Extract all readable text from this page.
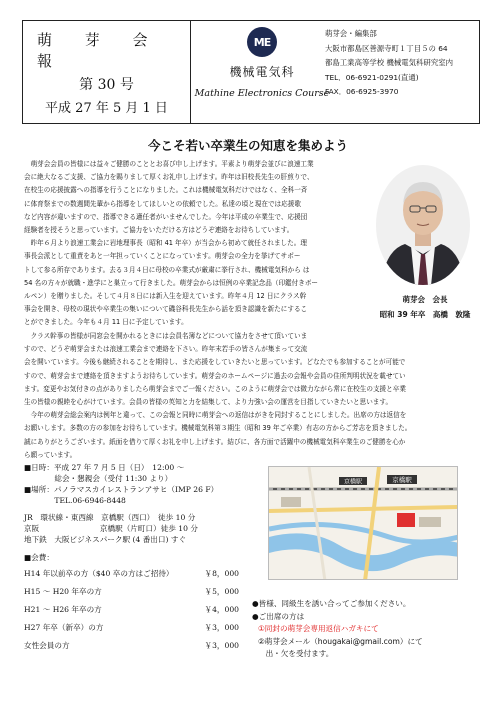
萌 芽 会 報
第 30 号
平成 27 年 5 月 1 日
ME
機械電気科
Mathine Electronics Course
萌芽会・編集部
大阪市都島区善源寺町１丁目５の 64
都島工業高等学校 機械電気科研究室内
TEL．06-6921-0291(直通)
FAX．06-6925-3970
今こそ若い卒業生の知恵を集めよう
　萌芽会会員の皆様には益々ご健勝のこととお喜び申し上げます。平素より萌芽会並びに浪速工業
会に絶大なるご支援、ご協力を賜りまして厚くお礼申し上げます。昨年は旧校長先生の肝煎りで、
在校生の応援披露への指導を行うことになりました。これは機械電気科だけではなく、全科一斉
に体育祭までの数週間先輩から指導をしてほしいとの依頼でした。私達の頃と現在では応援歌
など内容が違いますので、指導できる適任者がいませんでした。今年は平成の卒業生で、応援団
経験者を授そうと思っています。ご協力をいただける方はどうぞ連絡をお待ちしています。
　昨年６月より浪速工業会に岩地理事長（昭和 41 年卒）が当会から初めて就任されました。理
事長会派として重責をあと一年担っていくことになっています。萌芽会の全力を挙げてサポー
トして参る所存であります。去る３月４日に母校の卒業式が厳粛に挙行され、機械電気科から は
54 名の方々が就職・進学にと巣立って行きました。萌芽会からは恒例の卒業記念品（印鑑付きボー
ルペン）を贈りました。そして４月８日には新入生を迎えています。昨年４月 12 日にクラス幹
事会を開き、母校の現状や卒業生の集いについて磯谷科長先生から話を頂き認識を新たにするこ
とができました。今年も４月 11 日に予定しています。
　クラス幹事の皆様が同窓会を開かれるときには会員名簿などについて協力をさせて頂いていま
すので、どうぞ萌芽会または浪速工業会まで連絡を下さい。昨年末若手の皆さんが集まって交流
会を開いています。今後も継続されることを期待し、また応援をしていきたいと思っています。どなたでも参加することが可能で
すので、萌芽会まで連絡を頂きますようお待ちしています。萌芽会のホームページに過去の会報や会員の住所判明状況を載せてい
ます。変更やお気付きの点がありましたら萌芽会までご一報ください。このように萌芽会では微力ながら常に在校生の支援と卒業
生の皆様の親睦を心がけています。会員の皆様の英知と力を結集して、より力強い会の運営を目指していきたいと思います。
　今年の萌芽会総会案内は例年と違って、この会報と同時に萌芽会への返信はがきを同封することにしました。出席の方は返信を
お願いします。多数の方の参加をお待ちしています。機械電気科第３期生（昭和 39 年ご卒業）有志の方からご芳志を頂きました。
誠にありがとうございます。紙面を借りて厚くお礼を申し上げます。結びに、各方面で活躍中の機械電気科卒業生のご健勝を心か
ら願っています。
萌芽会　会長
昭和 39 年卒　高橋　敦隆
■日時：平成 27 年 7 月 5 日（日）　12:00 ～
　　　　総会・懇親会（受付 11:30 より）
■場所：パノラマスカイレストランアサヒ（IMP 26 F）
　　　　TEL.06-6946-8448
JR　環状線・東西線　京橋駅（西口）　徒歩 10 分
京阪　　　　　　　　京橋駅（片町口）徒歩 10 分
地下鉄　大阪ビジネスパーク駅 (4 番出口) すぐ
■会費：
H14 年以前卒の方（$40 卒の方はご招待）	￥8，000
H15 ～ H20 年卒の方	￥5，000
H21 ～ H26 年卒の方	￥4，000
H27 年卒（新卒）の方	￥3，000
女性会員の方	￥3，000
京橋駅	京橋駅
●皆様、同級生を誘い合ってご参加ください。
●ご出席の方は
①同封の萌芽会専用返信ハガキにて
②萌芽会メール（hougakai@gmail.com）にて
　出・欠を受付ます。
